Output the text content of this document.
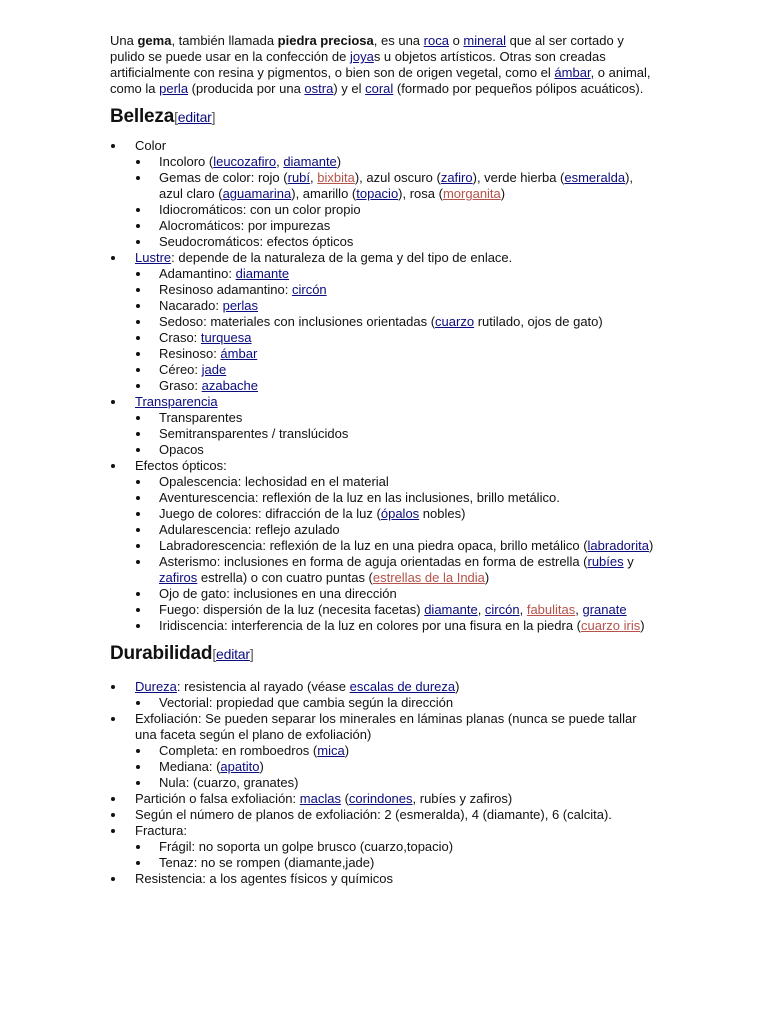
Una gema, también llamada piedra preciosa, es una roca o mineral que al ser cortado y pulido se puede usar en la confección de joyas u objetos artísticos. Otras son creadas artificialmente con resina y pigmentos, o bien son de origen vegetal, como el ámbar, o animal, como la perla (producida por una ostra) y el coral (formado por pequeños pólipos acuáticos).

Belleza[editar]
Color
Incoloro (leucozafiro, diamante)
Gemas de color: rojo (rubí, bixbita), azul oscuro (zafiro), verde hierba (esmeralda), azul claro (aguamarina), amarillo (topacio), rosa (morganita)
Idiocromáticos: con un color propio
Alocromáticos: por impurezas
Seudocromáticos: efectos ópticos
Lustre: depende de la naturaleza de la gema y del tipo de enlace.
Adamantino: diamante
Resinoso adamantino: circón
Nacarado: perlas
Sedoso: materiales con inclusiones orientadas (cuarzo rutilado, ojos de gato)
Craso: turquesa
Resinoso: ámbar
Céreo: jade
Graso: azabache
Transparencia
Transparentes
Semitransparentes / translúcidos
Opacos
Efectos ópticos:
Opalescencia: lechosidad en el material
Aventurescencia: reflexión de la luz en las inclusiones, brillo metálico.
Juego de colores: difracción de la luz (ópalos nobles)
Adularescencia: reflejo azulado
Labradorescencia: reflexión de la luz en una piedra opaca, brillo metálico (labradorita)
Asterismo: inclusiones en forma de aguja orientadas en forma de estrella (rubíes y zafiros estrella) o con cuatro puntas (estrellas de la India)
Ojo de gato: inclusiones en una dirección
Fuego: dispersión de la luz (necesita facetas) diamante, circón, fabulitas, granate
Iridiscencia: interferencia de la luz en colores por una fisura en la piedra (cuarzo iris)
Durabilidad[editar]
Dureza: resistencia al rayado (véase escalas de dureza)
Vectorial: propiedad que cambia según la dirección
Exfoliación: Se pueden separar los minerales en láminas planas (nunca se puede tallar una faceta según el plano de exfoliación)
Completa: en romboedros (mica)
Mediana: (apatito)
Nula: (cuarzo, granates)
Partición o falsa exfoliación: maclas (corindones, rubíes y zafiros)
Según el número de planos de exfoliación: 2 (esmeralda), 4 (diamante), 6 (calcita).
Fractura:
Frágil: no soporta un golpe brusco (cuarzo,topacio)
Tenaz: no se rompen (diamante,jade)
Resistencia: a los agentes físicos y químicos
